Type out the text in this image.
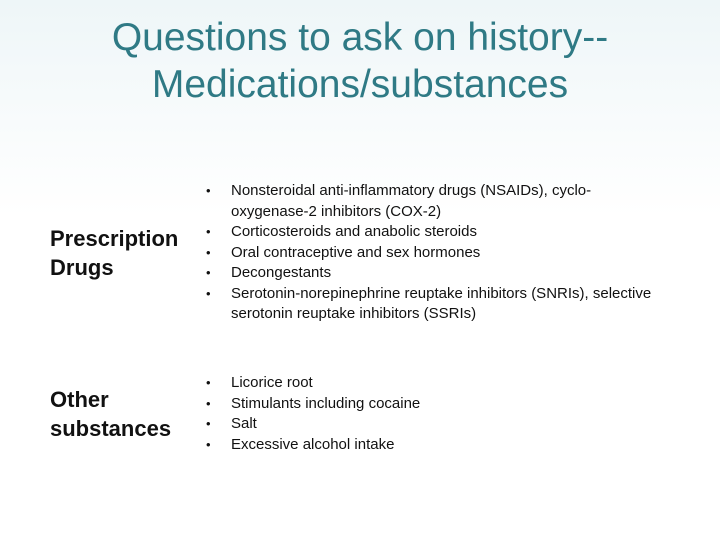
Questions to ask on history--
Medications/substances
Prescription
Drugs
• Nonsteroidal anti-inflammatory drugs (NSAIDs), cyclo-oxygenase-2 inhibitors (COX-2)
• Corticosteroids and anabolic steroids
• Oral contraceptive and sex hormones
• Decongestants
• Serotonin-norepinephrine reuptake inhibitors (SNRIs), selective serotonin reuptake inhibitors (SSRIs)
Other
substances
• Licorice root
• Stimulants including cocaine
• Salt
• Excessive alcohol intake
